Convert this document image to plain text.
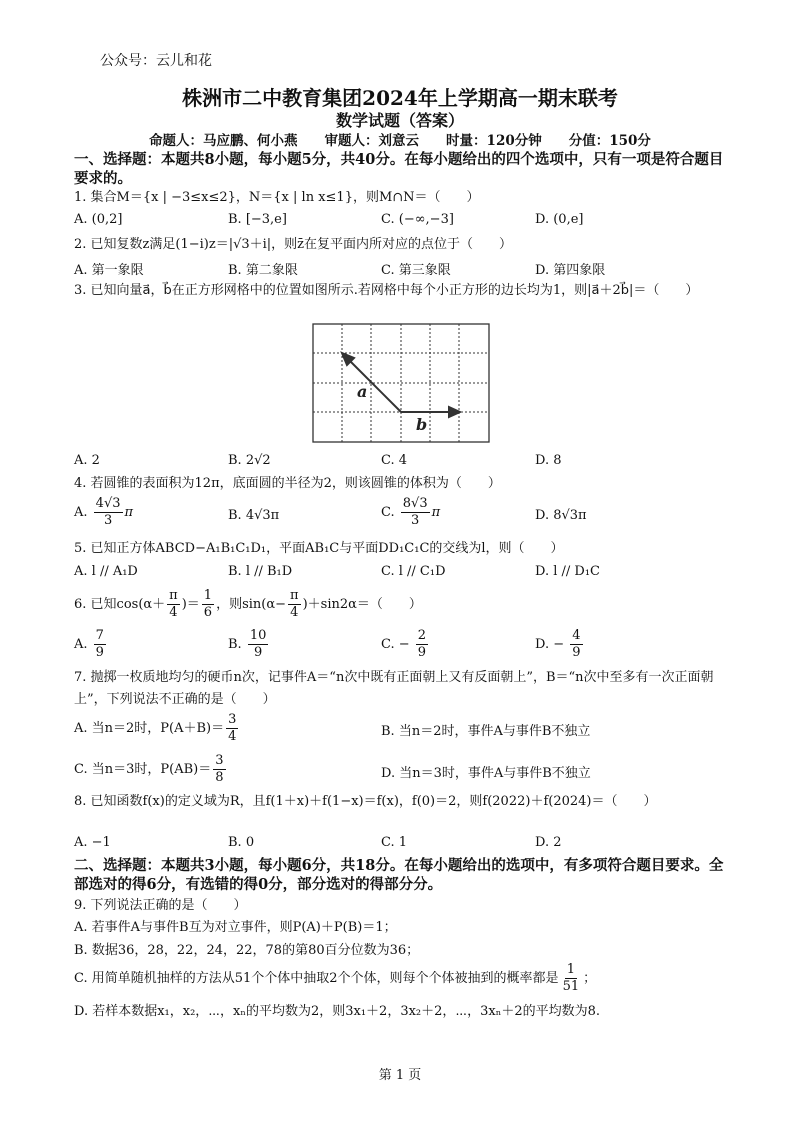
公众号：云儿和花
株洲市二中教育集团2024年上学期高一期末联考
数学试题（答案）
命题人：马应鹏、何小燕　　审题人：刘意云　　时量：120分钟　　分值：150分
一、选择题：本题共8小题，每小题5分，共40分。在每小题给出的四个选项中，只有一项是符合题目要求的。
1. 集合M＝{x | −3≤x≤2}，N＝{x | ln x≤1}，则M∩N＝（　　）
A. (0,2]	B. [−3,e]	C. (−∞,−3]	D. (0,e]
2. 已知复数z满足(1−i)z＝|√3＋i|，则z̄在复平面内所对应的点位于（　　）
A. 第一象限	B. 第二象限	C. 第三象限	D. 第四象限
3. 已知向量a⃗，b⃗在正方形网格中的位置如图所示.若网格中每个小正方形的边长均为1，则|a⃗＋2b⃗|＝（　　）
a
b
A. 2	B. 2√2	C. 4	D. 8
4. 若圆锥的表面积为12π，底面圆的半径为2，则该圆锥的体积为（　　）
A. $\frac{4√3}{3}$ π	B. 4√3π	C. $\frac{8√3}{3}$ π	D. 8√3π
5. 已知正方体ABCD−A₁B₁C₁D₁，平面AB₁C与平面DD₁C₁C的交线为l，则（　　）
A. l // A₁D	B. l // B₁D	C. l // C₁D	D. l // D₁C
6. 已知$\cos(\alpha+ \frac{\pi}{4}$ )＝ $\frac{1}{6}$ ，则$\sin(\alpha- \frac{\pi}{4} )+\sin 2\alpha=$（　　）
A. $\frac{7}{9}$	B. $\frac{10}{9}$	C. − $\frac{2}{9}$	D. − $\frac{4}{9}$
7. 抛掷一枚质地均匀的硬币n次，记事件A＝“n次中既有正面朝上又有反面朝上”，B＝“n次中至多有一次正面朝上”，下列说法不正确的是（　　）
A. 当n＝2时，$P(A+B)= \frac{3}{4}$	B. 当n＝2时，事件A与事件B不独立
C. 当n＝3时，$P(AB)= \frac{3}{8}$	D. 当n＝3时，事件A与事件B不独立
8. 已知函数f(x)的定义域为R，且f(1＋x)＋f(1−x)＝f(x)，f(0)＝2，则f(2022)＋f(2024)＝（　　）
A. −1	B. 0	C. 1	D. 2
二、选择题：本题共3小题，每小题6分，共18分。在每小题给出的选项中，有多项符合题目要求。全部选对的得6分，有选错的得0分，部分选对的得部分分。
9. 下列说法正确的是（　　）
A. 若事件A与事件B互为对立事件，则P(A)＋P(B)＝1；
B. 数据36，28，22，24，22，78的第80百分位数为36；
C. 用简单随机抽样的方法从51个个体中抽取2个个体，则每个个体被抽到的概率都是 $\frac{1}{51}$ ；
D. 若样本数据x₁，x₂，⋯，xₙ的平均数为2，则3x₁＋2，3x₂＋2，⋯，3xₙ＋2的平均数为8.
第 1 页
